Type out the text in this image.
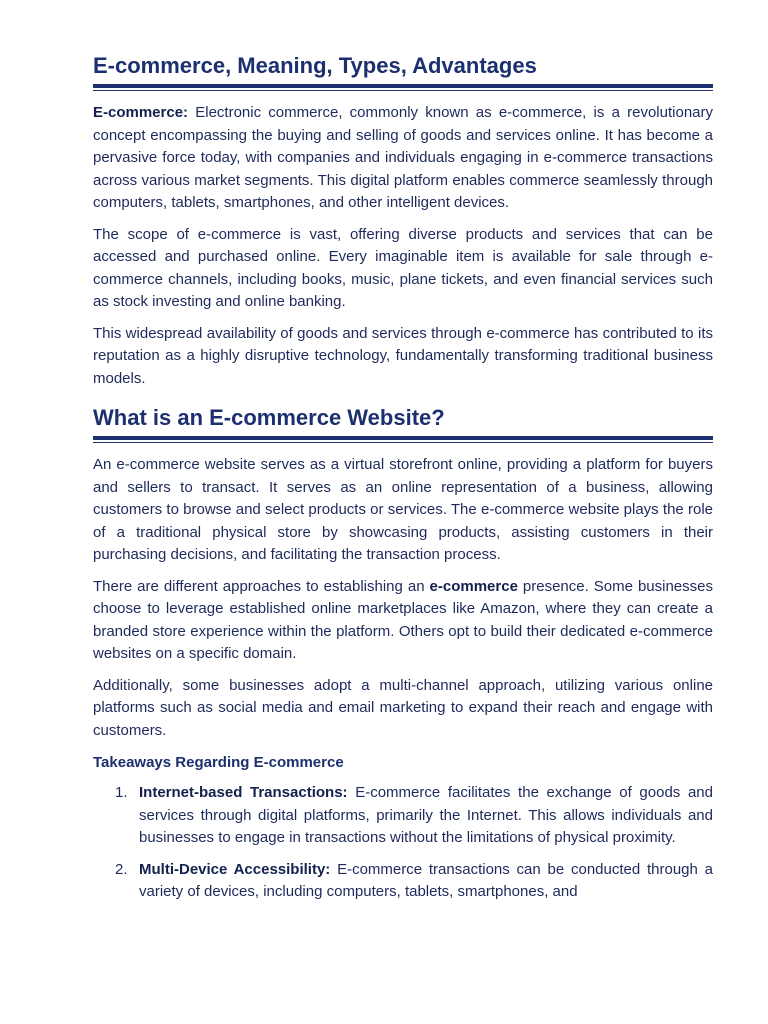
E-commerce, Meaning, Types, Advantages

E-commerce: Electronic commerce, commonly known as e-commerce, is a revolutionary concept encompassing the buying and selling of goods and services online. It has become a pervasive force today, with companies and individuals engaging in e-commerce transactions across various market segments. This digital platform enables commerce seamlessly through computers, tablets, smartphones, and other intelligent devices.

The scope of e-commerce is vast, offering diverse products and services that can be accessed and purchased online. Every imaginable item is available for sale through e-commerce channels, including books, music, plane tickets, and even financial services such as stock investing and online banking.

This widespread availability of goods and services through e-commerce has contributed to its reputation as a highly disruptive technology, fundamentally transforming traditional business models.

What is an E-commerce Website?

An e-commerce website serves as a virtual storefront online, providing a platform for buyers and sellers to transact. It serves as an online representation of a business, allowing customers to browse and select products or services. The e-commerce website plays the role of a traditional physical store by showcasing products, assisting customers in their purchasing decisions, and facilitating the transaction process.

There are different approaches to establishing an e-commerce presence. Some businesses choose to leverage established online marketplaces like Amazon, where they can create a branded store experience within the platform. Others opt to build their dedicated e-commerce websites on a specific domain.

Additionally, some businesses adopt a multi-channel approach, utilizing various online platforms such as social media and email marketing to expand their reach and engage with customers.

Takeaways Regarding E-commerce
1. Internet-based Transactions: E-commerce facilitates the exchange of goods and services through digital platforms, primarily the Internet. This allows individuals and businesses to engage in transactions without the limitations of physical proximity.
2. Multi-Device Accessibility: E-commerce transactions can be conducted through a variety of devices, including computers, tablets, smartphones, and
